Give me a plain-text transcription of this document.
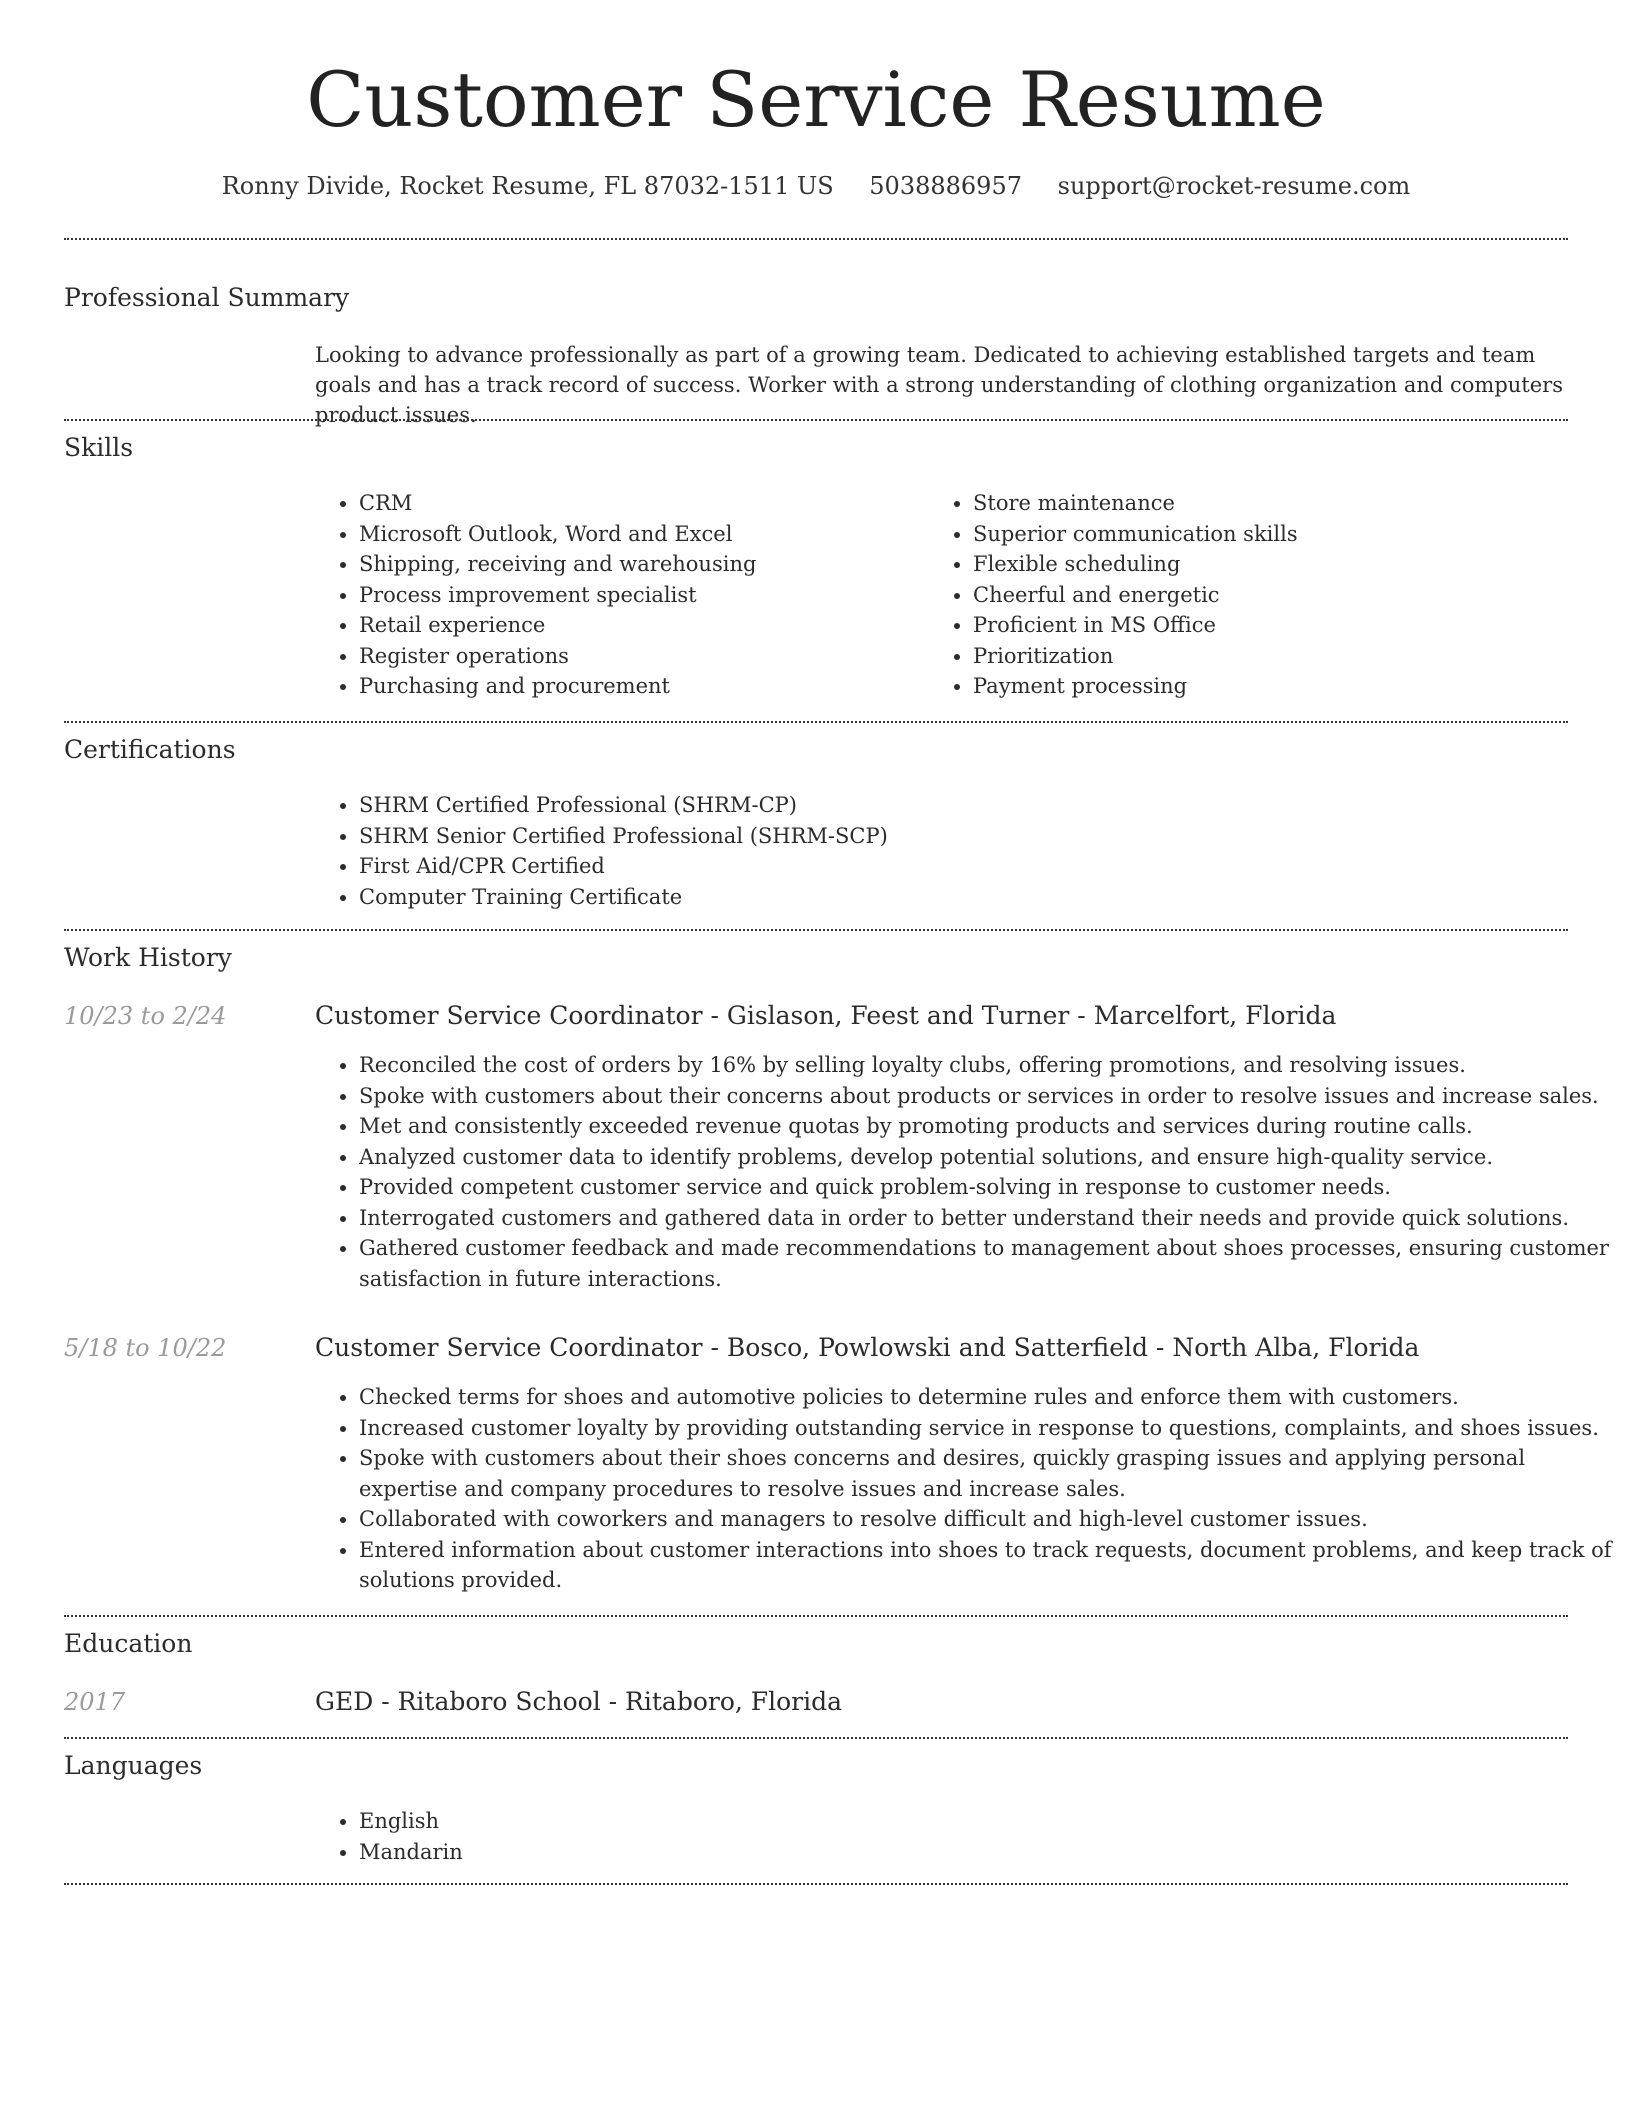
Customer Service Resume
Ronny Divide, Rocket Resume, FL 87032-1511 US 5038886957 support@rocket-resume.com
Professional Summary

Looking to advance professionally as part of a growing team. Dedicated to achieving established targets and team goals and has a track record of success. Worker with a strong understanding of clothing organization and computers product issues.

Skills
• CRM
• Microsoft Outlook, Word and Excel
• Shipping, receiving and warehousing
• Process improvement specialist
• Retail experience
• Register operations
• Purchasing and procurement
• Store maintenance
• Superior communication skills
• Flexible scheduling
• Cheerful and energetic
• Proficient in MS Office
• Prioritization
• Payment processing
Certifications
• SHRM Certified Professional (SHRM-CP)
• SHRM Senior Certified Professional (SHRM-SCP)
• First Aid/CPR Certified
• Computer Training Certificate
Work History
10/23 to 2/24	Customer Service Coordinator - Gislason, Feest and Turner - Marcelfort, Florida
• Reconciled the cost of orders by 16% by selling loyalty clubs, offering promotions, and resolving issues.
• Spoke with customers about their concerns about products or services in order to resolve issues and increase sales.
• Met and consistently exceeded revenue quotas by promoting products and services during routine calls.
• Analyzed customer data to identify problems, develop potential solutions, and ensure high-quality service.
• Provided competent customer service and quick problem-solving in response to customer needs.
• Interrogated customers and gathered data in order to better understand their needs and provide quick solutions.
• Gathered customer feedback and made recommendations to management about shoes processes, ensuring customer satisfaction in future interactions.
5/18 to 10/22	Customer Service Coordinator - Bosco, Powlowski and Satterfield - North Alba, Florida
• Checked terms for shoes and automotive policies to determine rules and enforce them with customers.
• Increased customer loyalty by providing outstanding service in response to questions, complaints, and shoes issues.
• Spoke with customers about their shoes concerns and desires, quickly grasping issues and applying personal expertise and company procedures to resolve issues and increase sales.
• Collaborated with coworkers and managers to resolve difficult and high-level customer issues.
• Entered information about customer interactions into shoes to track requests, document problems, and keep track of solutions provided.
Education
2017	GED - Ritaboro School - Ritaboro, Florida
Languages
• English
• Mandarin
